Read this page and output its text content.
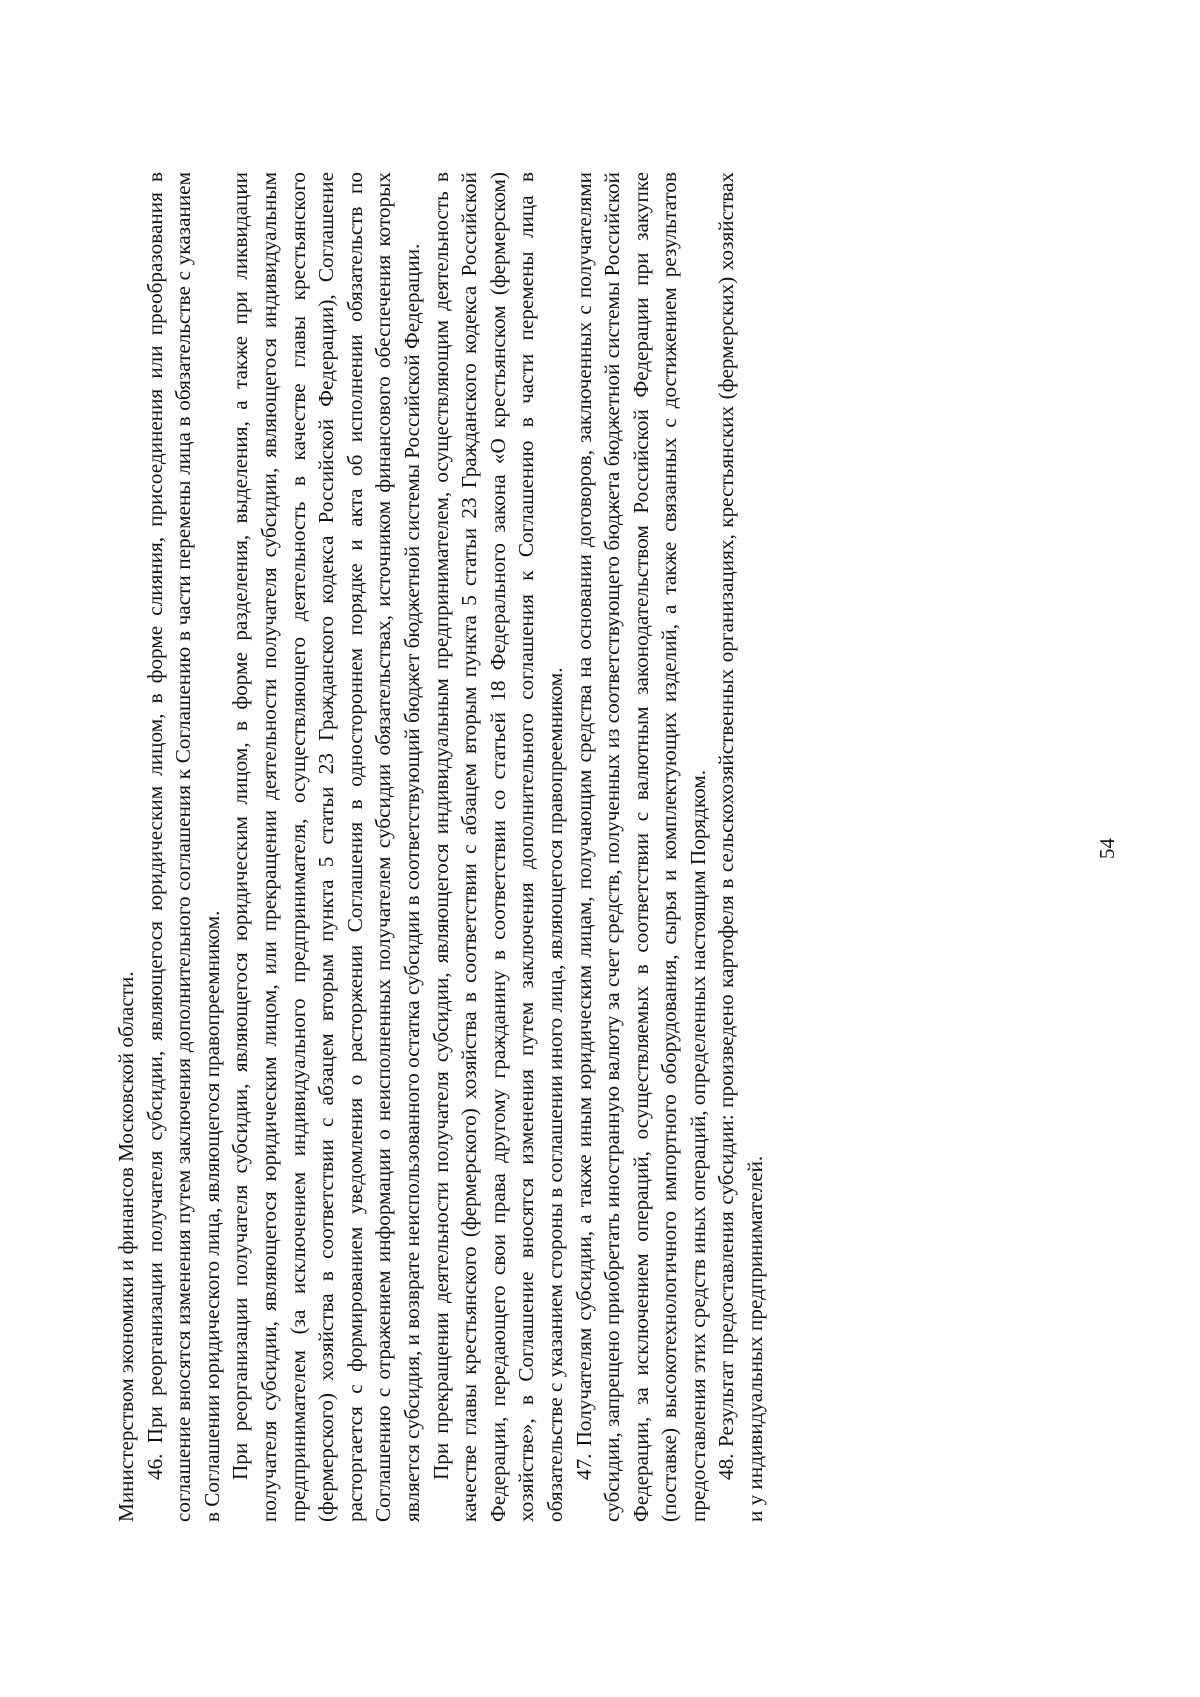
54

Министерством экономики и финансов Московской области. 46. При реорганизации получателя субсидии, являющегося юридическим лицом, в форме слияния, присоединения или преобразования в соглашение вносятся изменения путем заключения дополнительного соглашения к Соглашению в части перемены лица в обязательстве с указанием в Соглашении юридического лица, являющегося правопреемником. При реорганизации получателя субсидии, являющегося юридическим лицом, в форме разделения, выделения, а также при ликвидации получателя субсидии, являющегося юридическим лицом, или прекращении деятельности получателя субсидии, являющегося индивидуальным предпринимателем (за исключением индивидуального предпринимателя, осуществляющего деятельность в качестве главы крестьянского (фермерского) хозяйства в соответствии с абзацем вторым пункта 5 статьи 23 Гражданского кодекса Российской Федерации), Соглашение расторгается с формированием уведомления о расторжении Соглашения в одностороннем порядке и акта об исполнении обязательств по Соглашению с отражением информации о неисполненных получателем субсидии обязательствах, источником финансового обеспечения которых является субсидия, и возврате неиспользованного остатка субсидии в соответствующий бюджет бюджетной системы Российской Федерации. При прекращении деятельности получателя субсидии, являющегося индивидуальным предпринимателем, осуществляющим деятельность в качестве главы крестьянского (фермерского) хозяйства в соответствии с абзацем вторым пункта 5 статьи 23 Гражданского кодекса Российской Федерации, передающего свои права другому гражданину в соответствии со статьей 18 Федерального закона «О крестьянском (фермерском) хозяйстве», в Соглашение вносятся изменения путем заключения дополнительного соглашения к Соглашению в части перемены лица в обязательстве с указанием стороны в соглашении иного лица, являющегося правопреемником. 47. Получателям субсидии, а также иным юридическим лицам, получающим средства на основании договоров, заключенных с получателями субсидии, запрещено приобретать иностранную валюту за счет средств, полученных из соответствующего бюджета бюджетной системы Российской Федерации, за исключением операций, осуществляемых в соответствии с валютным законодательством Российской Федерации при закупке (поставке) высокотехнологичного импортного оборудования, сырья и комплектующих изделий, а также связанных с достижением результатов предоставления этих средств иных операций, определенных настоящим Порядком. 48. Результат предоставления субсидии: произведено картофеля в сельскохозяйственных организациях, крестьянских (фермерских) хозяйствах и у индивидуальных предпринимателей.
